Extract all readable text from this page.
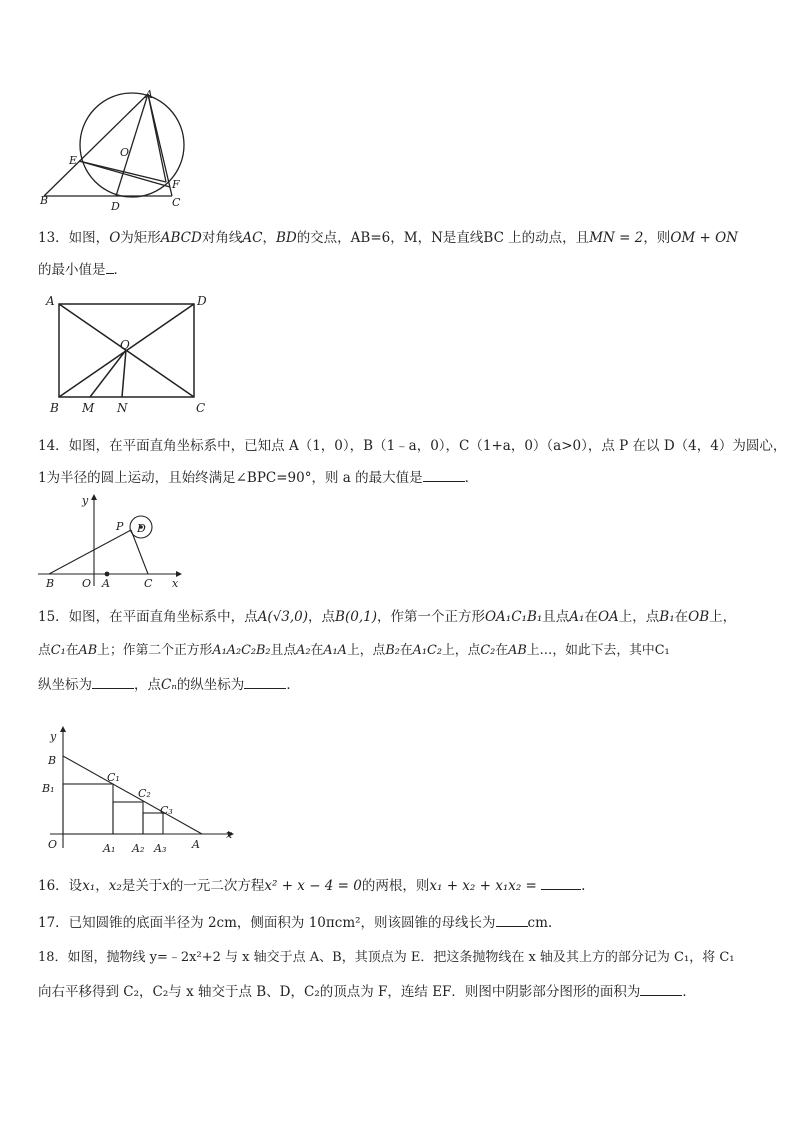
A
E
O
F
B	D	C
13．如图，O为矩形ABCD对角线AC，BD的交点，AB=6，M，N是直线BC 上的动点，且MN = 2，则OM + ON
的最小值是 ．
A	D
O
B M N	C
14．如图，在平面直角坐标系中，已知点 A（1，0），B（1﹣a，0），C（1+a，0）（a>0），点 P 在以 D（4，4）为圆心，
1为半径的圆上运动，且始终满足∠BPC=90°，则 a 的最大值是	．
y
P D
B	O A	C x
15．如图，在平面直角坐标系中，点A(√3,0)，点B(0,1)，作第一个正方形OA₁C₁B₁且点A₁在OA上，点B₁在OB上，
点C₁在AB上；作第二个正方形A₁A₂C₂B₂且点A₂在A₁A上，点B₂在A₁C₂上，点C₂在AB上…，如此下去，其中C₁
纵坐标为	，点Cₙ的纵坐标为	．
y
B
C₁
C₂
C₃
B₁
O	A₁ A₂ A₃ A
x
16．设x₁，x₂是关于x的一元二次方程x² + x − 4 = 0的两根，则x₁ + x₂ + x₁x₂ =	.
17．已知圆锥的底面半径为 2cm，侧面积为 10πcm²，则该圆锥的母线长为 cm.
18．如图，抛物线 y=﹣2x²+2 与 x 轴交于点 A、B，其顶点为 E．把这条抛物线在 x 轴及其上方的部分记为 C₁，将 C₁
向右平移得到 C₂，C₂与 x 轴交于点 B、D，C₂的顶点为 F，连结 EF．则图中阴影部分图形的面积为	．
